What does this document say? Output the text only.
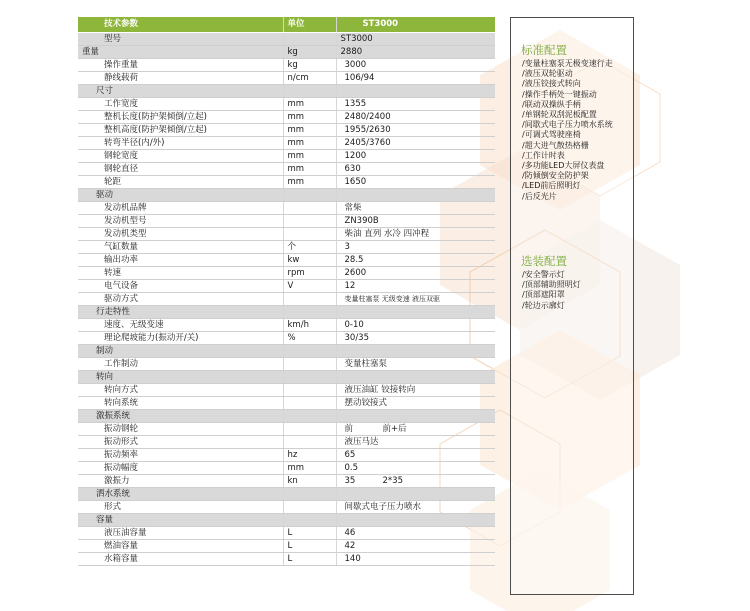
技术参数	单位	ST3000
型号		ST3000
重量	kg	2880
操作重量	kg	3000
静线载荷	n/cm	106/94
尺寸		
工作宽度	mm	1355
整机长度(防护架倾倒/立起)	mm	2480/2400
整机高度(防护架倾倒/立起)	mm	1955/2630
转弯半径(内/外)	mm	2405/3760
钢轮宽度	mm	1200
钢轮直径	mm	630
轮距	mm	1650
驱动		
发动机品牌		常柴
发动机型号		ZN390B
发动机类型		柴油 直列 水冷 四冲程
气缸数量	个	3
输出功率	kw	28.5
转速	rpm	2600
电气设备	V	12
驱动方式		变量柱塞泵 无级变速 液压双驱
行走特性		
速度、无级变速	km/h	0-10
理论爬坡能力(振动开/关)	%	30/35
制动		
工作制动		变量柱塞泵
转向		
转向方式		液压油缸 铰接转向
转向系统		摆动铰接式
激振系统		
振动钢轮		前 前+后
振动形式		液压马达
振动频率	hz	65
振动幅度	mm	0.5
激振力	kn	35 2*35
洒水系统		
形式		间歇式电子压力喷水
容量		
液压油容量	L	46
燃油容量	L	42
水箱容量	L	140
标准配置
/变量柱塞泵无极变速行走
/液压双轮驱动
/液压铰接式转向
/操作手柄处一键振动
/联动双操纵手柄
/单钢轮双刮泥板配置
/间歇式电子压力喷水系统
/可调式驾驶座椅
/超大进气散热格栅
/工作计时表
/多功能LED大屏仪表盘
/防倾倒安全防护架
/LED前后照明灯
/后反光片
选装配置
/安全警示灯
/顶部辅助照明灯
/顶部遮阳罩
/轮边示廓灯
